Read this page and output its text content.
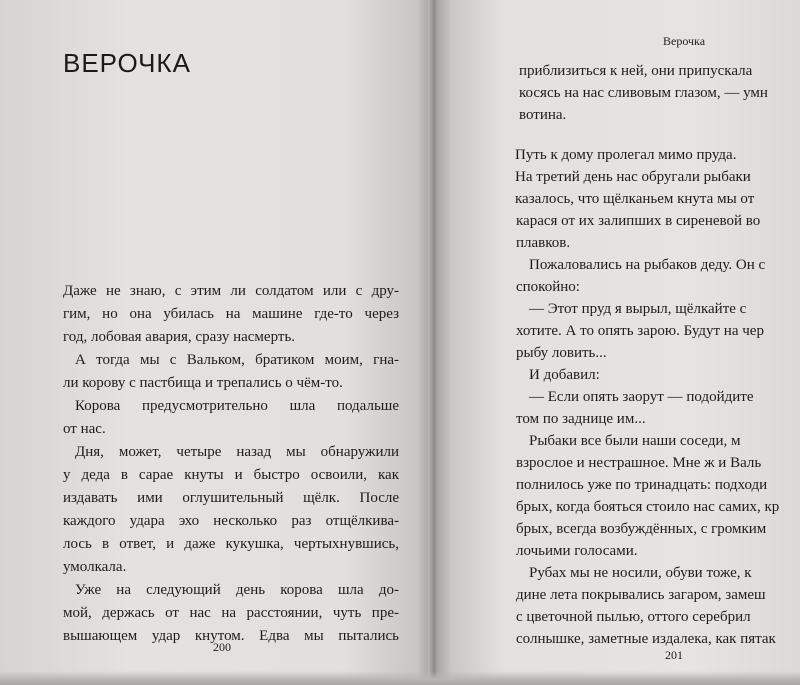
ВЕРОЧКА
Даже не знаю, с этим ли солдатом или с дру-
гим, но она убилась на машине где-то через
год, лобовая авария, сразу насмерть.
А тогда мы с Вальком, братиком моим, гна-
ли корову с пастбища и трепались о чём-то.
Корова предусмотрительно шла подальше
от нас.
Дня, может, четыре назад мы обнаружили
у деда в сарае кнуты и быстро освоили, как
издавать ими оглушительный щёлк. После
каждого удара эхо несколько раз отщёлкива-
лось в ответ, и даже кукушка, чертыхнувшись,
умолкала.
Уже на следующий день корова шла до-
мой, держась от нас на расстоянии, чуть пре-
вышающем удар кнутом. Едва мы пытались
200
Верочка
приблизиться к ней, они припускала
косясь на нас сливовым глазом, — умн
вотина.
Путь к дому пролегал мимо пруда.
На третий день нас обругали рыбаки
казалось, что щёлканьем кнута мы от
карася от их залипших в сиреневой во
плавков.
Пожаловались на рыбаков деду. Он с
спокойно:
— Этот пруд я вырыл, щёлкайте с
хотите. А то опять зарою. Будут на чер
рыбу ловить...
И добавил:
— Если опять заорут — подойдите
том по заднице им...
Рыбаки все были наши соседи, м
взрослое и нестрашное. Мне ж и Валь
полнилось уже по тринадцать: подходи
брых, когда бояться стоило нас самих, кр
брых, всегда возбуждённых, с громким
лочьими голосами.
Рубах мы не носили, обуви тоже, к
дине лета покрывались загаром, замеш
с цветочной пылью, оттого серебрил
солнышке, заметные издалека, как пятак
201
